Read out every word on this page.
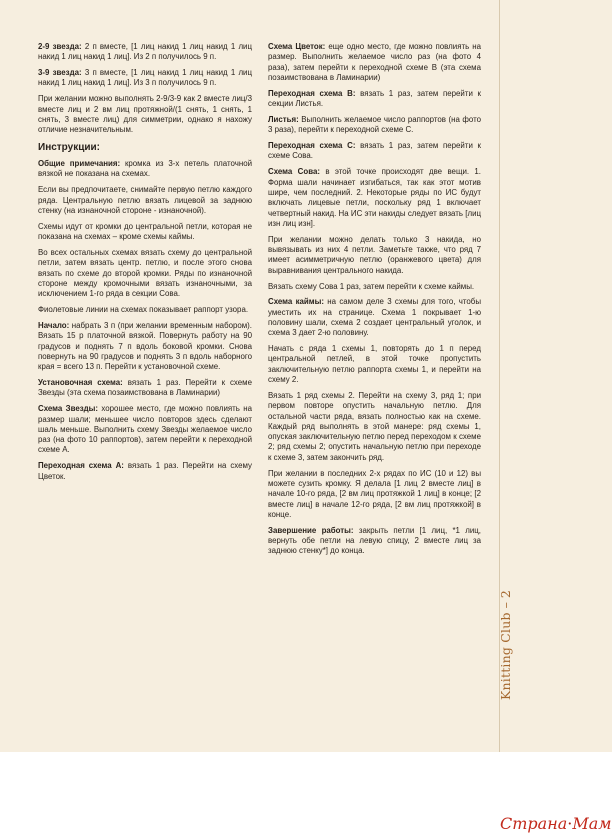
2-9 звезда: 2 п вместе, [1 лиц накид 1 лиц накид 1 лиц накид 1 лиц накид 1 лиц]. Из 2 п получилось 9 п.

3-9 звезда: 3 п вместе, [1 лиц накид 1 лиц накид 1 лиц накид 1 лиц накид 1 лиц]. Из 3 п получилось 9 п.

При желании можно выполнять 2-9/3-9 как 2 вместе лиц/3 вместе лиц и 2 вм лиц протяжной/(1 снять, 1 снять, 1 снять, 3 вместе лиц) для симметрии, однако я нахожу отличие незначительным.

Инструкции:

Общие примечания: кромка из 3-х петель платочной вязкой не показана на схемах.

Если вы предпочитаете, снимайте первую петлю каждого ряда. Центральную петлю вязать лицевой за заднюю стенку (на изнаночной стороне - изнаночной).

Схемы идут от кромки до центральной петли, которая не показана на схемах – кроме схемы каймы.

Во всех остальных схемах вязать схему до центральной петли, затем вязать центр. петлю, и после этого снова вязать по схеме до второй кромки. Ряды по изнаночной стороне между кромочными вязать изнаночными, за исключением 1-го ряда в секции Сова.

Фиолетовые линии на схемах показывает раппорт узора.

Начало: набрать 3 п (при желании временным набором). Вязать 15 р платочной вязкой. Повернуть работу на 90 градусов и поднять 7 п вдоль боковой кромки. Снова повернуть на 90 градусов и поднять 3 п вдоль наборного края = всего 13 п. Перейти к установочной схеме.

Установочная схема: вязать 1 раз. Перейти к схеме Звезды (эта схема позаимствована в Ламинарии)

Схема Звезды: хорошее место, где можно повлиять на размер шали; меньшее число повторов здесь сделают шаль меньше. Выполнить схему Звезды желаемое число раз (на фото 10 раппортов), затем перейти к переходной схеме А.

Переходная схема А: вязать 1 раз. Перейти на схему Цветок.

Схема Цветок: еще одно место, где можно повлиять на размер. Выполнить желаемое число раз (на фото 4 раза), затем перейти к переходной схеме В (эта схема позаимствована в Ламинарии)

Переходная схема В: вязать 1 раз, затем перейти к секции Листья.

Листья: Выполнить желаемое число раппортов (на фото 3 раза), перейти к переходной схеме С.

Переходная схема С: вязать 1 раз, затем перейти к схеме Сова.

Схема Сова: в этой точке происходят две вещи. 1. Форма шали начинает изгибаться, так как этот мотив шире, чем последний. 2. Некоторые ряды по ИС будут включать лицевые петли, поскольку ряд 1 включает четвертный накид. На ИС эти накиды следует вязать [лиц изн лиц изн].

При желании можно делать только 3 накида, но вывязывать из них 4 петли. Заметьте также, что ряд 7 имеет асимметричную петлю (оранжевого цвета) для выравнивания центрального накида.

Вязать схему Сова 1 раз, затем перейти к схеме каймы.

Схема каймы: на самом деле 3 схемы для того, чтобы уместить их на странице. Схема 1 покрывает 1-ю половину шали, схема 2 создает центральный уголок, и схема 3 дает 2-ю половину.

Начать с ряда 1 схемы 1, повторять до 1 п перед центральной петлей, в этой точке пропустить заключительную петлю раппорта схемы 1, и перейти на схему 2.

Вязать 1 ряд схемы 2. Перейти на схему 3, ряд 1; при первом повторе опустить начальную петлю. Для остальной части ряда, вязать полностью как на схеме. Каждый ряд выполнять в этой манере: ряд схемы 1, опуская заключительную петлю перед переходом к схеме 2; ряд схемы 2; опустить начальную петлю при переходе к схеме 3, затем закончить ряд.

При желании в последних 2-х рядах по ИС (10 и 12) вы можете сузить кромку. Я делала [1 лиц 2 вместе лиц] в начале 10-го ряда, [2 вм лиц протяжкой 1 лиц] в конце; [2 вместе лиц] в начале 12-го ряда, [2 вм лиц протяжкой] в конце.

Завершение работы: закрыть петли [1 лиц, *1 лиц, вернуть обе петли на левую спицу, 2 вместе лиц за заднюю стенку*] до конца.

Knitting Club – 2
Страна·Мам
